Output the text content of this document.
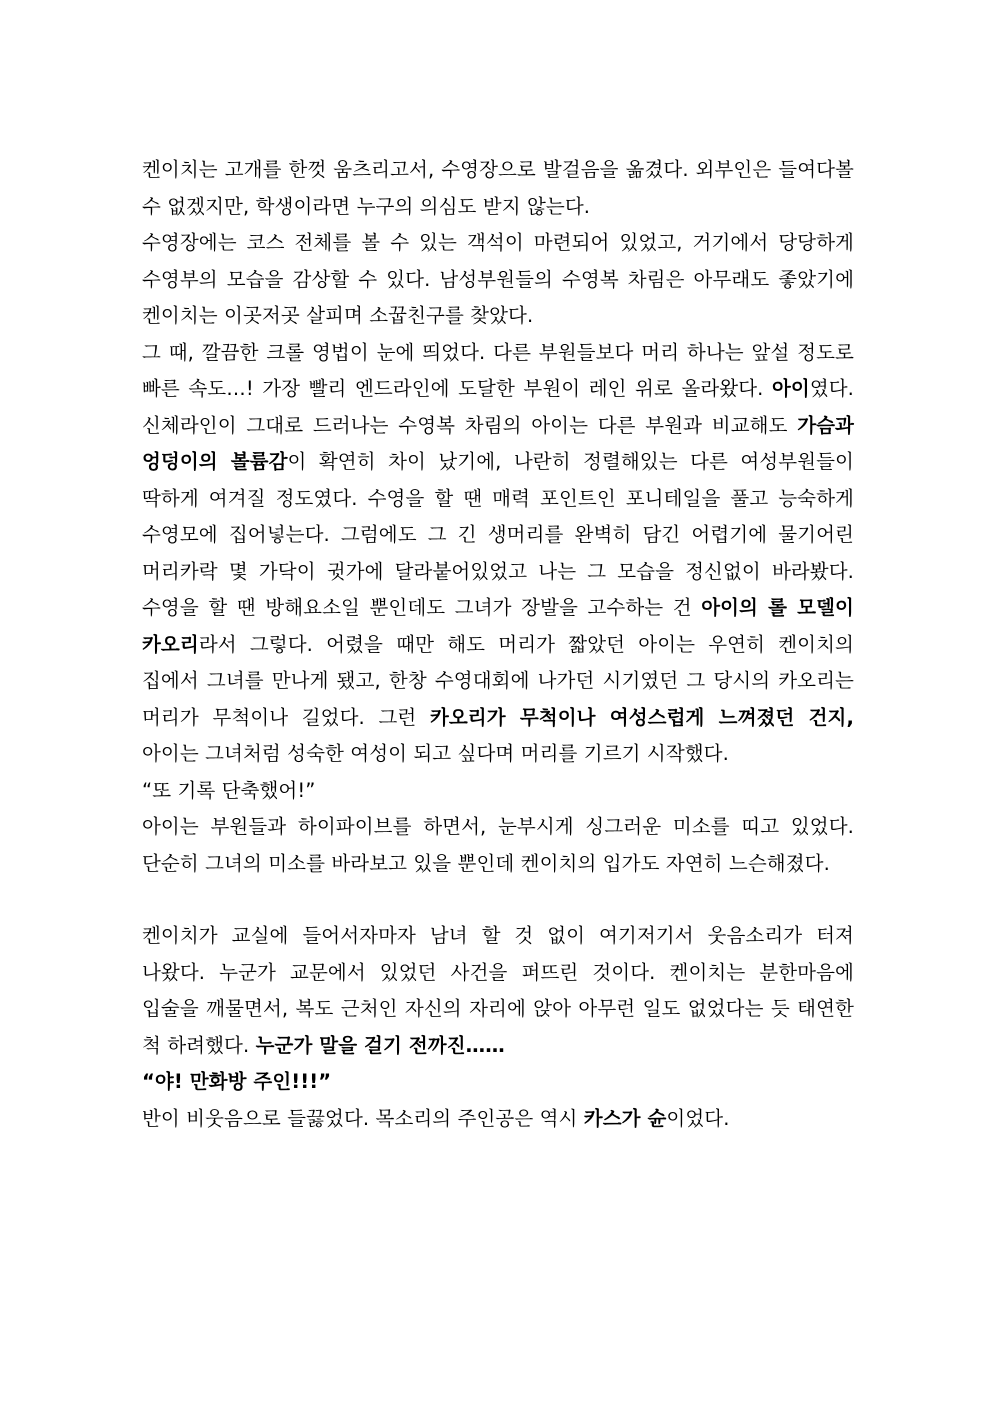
켄이치는 고개를 한껏 움츠리고서, 수영장으로 발걸음을 옮겼다. 외부인은 들여다볼 수 없겠지만, 학생이라면 누구의 의심도 받지 않는다.

수영장에는 코스 전체를 볼 수 있는 객석이 마련되어 있었고, 거기에서 당당하게 수영부의 모습을 감상할 수 있다. 남성부원들의 수영복 차림은 아무래도 좋았기에 켄이치는 이곳저곳 살피며 소꿉친구를 찾았다.

그 때, 깔끔한 크롤 영법이 눈에 띄었다. 다른 부원들보다 머리 하나는 앞설 정도로 빠른 속도…! 가장 빨리 엔드라인에 도달한 부원이 레인 위로 올라왔다. 아이였다. 신체라인이 그대로 드러나는 수영복 차림의 아이는 다른 부원과 비교해도 가슴과 엉덩이의 볼륨감이 확연히 차이 났기에, 나란히 정렬해있는 다른 여성부원들이 딱하게 여겨질 정도였다. 수영을 할 땐 매력 포인트인 포니테일을 풀고 능숙하게 수영모에 집어넣는다. 그럼에도 그 긴 생머리를 완벽히 담긴 어렵기에 물기어린 머리카락 몇 가닥이 귓가에 달라붙어있었고 나는 그 모습을 정신없이 바라봤다. 수영을 할 땐 방해요소일 뿐인데도 그녀가 장발을 고수하는 건 아이의 롤 모델이 카오리라서 그렇다. 어렸을 때만 해도 머리가 짧았던 아이는 우연히 켄이치의 집에서 그녀를 만나게 됐고, 한창 수영대회에 나가던 시기였던 그 당시의 카오리는 머리가 무척이나 길었다. 그런 카오리가 무척이나 여성스럽게 느껴졌던 건지, 아이는 그녀처럼 성숙한 여성이 되고 싶다며 머리를 기르기 시작했다.

“또 기록 단축했어!”

아이는 부원들과 하이파이브를 하면서, 눈부시게 싱그러운 미소를 띠고 있었다. 단순히 그녀의 미소를 바라보고 있을 뿐인데 켄이치의 입가도 자연히 느슨해졌다.

켄이치가 교실에 들어서자마자 남녀 할 것 없이 여기저기서 웃음소리가 터져 나왔다. 누군가 교문에서 있었던 사건을 퍼뜨린 것이다. 켄이치는 분한마음에 입술을 깨물면서, 복도 근처인 자신의 자리에 앉아 아무런 일도 없었다는 듯 태연한 척 하려했다. 누군가 말을 걸기 전까진……

“야! 만화방 주인!!!”

반이 비웃음으로 들끓었다. 목소리의 주인공은 역시 카스가 슌이었다.
